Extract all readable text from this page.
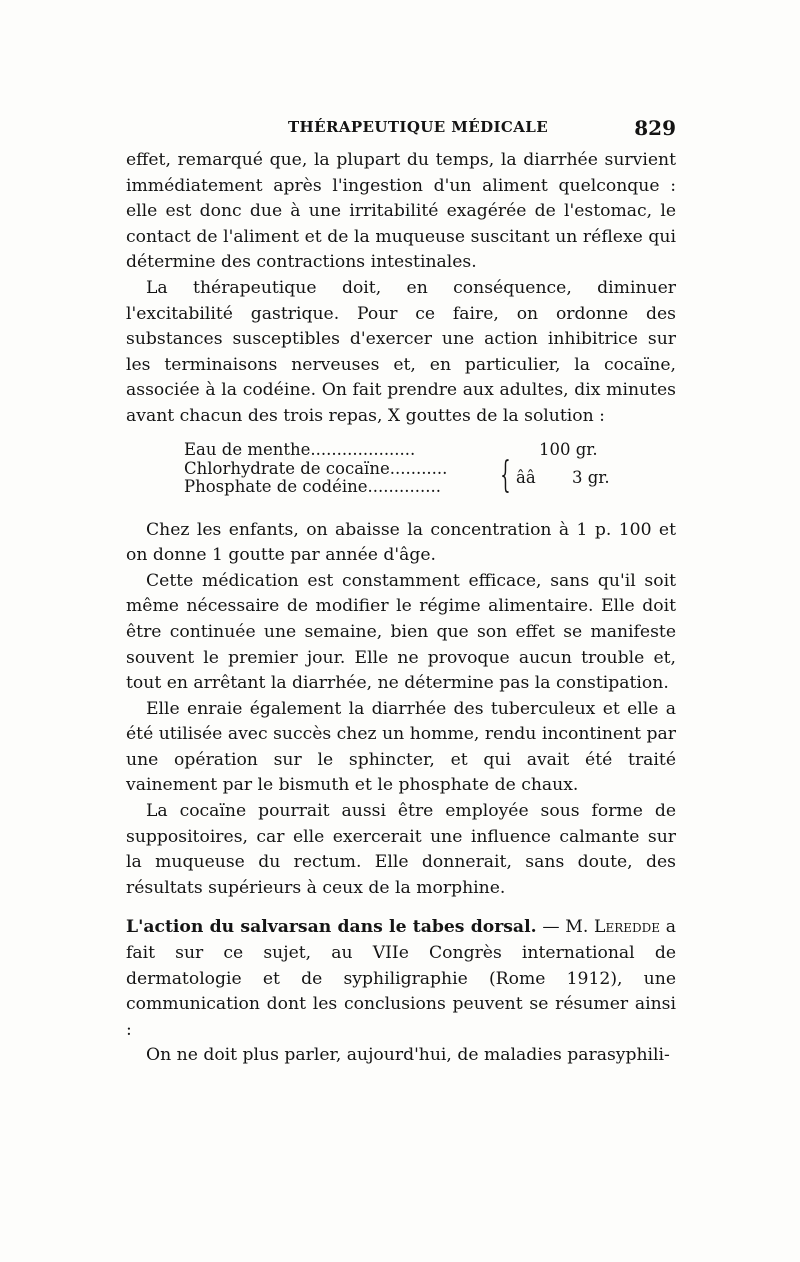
THÉRAPEUTIQUE MÉDICALE	829

effet, remarqué que, la plupart du temps, la diarrhée survient immédiatement après l'ingestion d'un aliment quelconque : elle est donc due à une irritabilité exagérée de l'estomac, le contact de l'aliment et de la muqueuse suscitant un réflexe qui détermine des contractions intestinales.

La thérapeutique doit, en conséquence, diminuer l'excitabilité gastrique. Pour ce faire, on ordonne des substances susceptibles d'exercer une action inhibitrice sur les terminaisons nerveuses et, en particulier, la cocaïne, associée à la codéine. On fait prendre aux adultes, dix minutes avant chacun des trois repas, X gouttes de la solution :

Eau de menthe....................	100 gr.
Chlorhydrate de cocaïne...........
Phosphate de codéine.............. { ââ 3 gr.

Chez les enfants, on abaisse la concentration à 1 p. 100 et on donne 1 goutte par année d'âge.

Cette médication est constamment efficace, sans qu'il soit même nécessaire de modifier le régime alimentaire. Elle doit être continuée une semaine, bien que son effet se manifeste souvent le premier jour. Elle ne provoque aucun trouble et, tout en arrêtant la diarrhée, ne détermine pas la constipation.

Elle enraie également la diarrhée des tuberculeux et elle a été utilisée avec succès chez un homme, rendu incontinent par une opération sur le sphincter, et qui avait été traité vainement par le bismuth et le phosphate de chaux.

La cocaïne pourrait aussi être employée sous forme de suppositoires, car elle exercerait une influence calmante sur la muqueuse du rectum. Elle donnerait, sans doute, des résultats supérieurs à ceux de la morphine.

L'action du salvarsan dans le tabes dorsal. — M. Leredde a fait sur ce sujet, au VIIe Congrès international de dermatologie et de syphiligraphie (Rome 1912), une communication dont les conclusions peuvent se résumer ainsi :

On ne doit plus parler, aujourd'hui, de maladies parasyphili-
